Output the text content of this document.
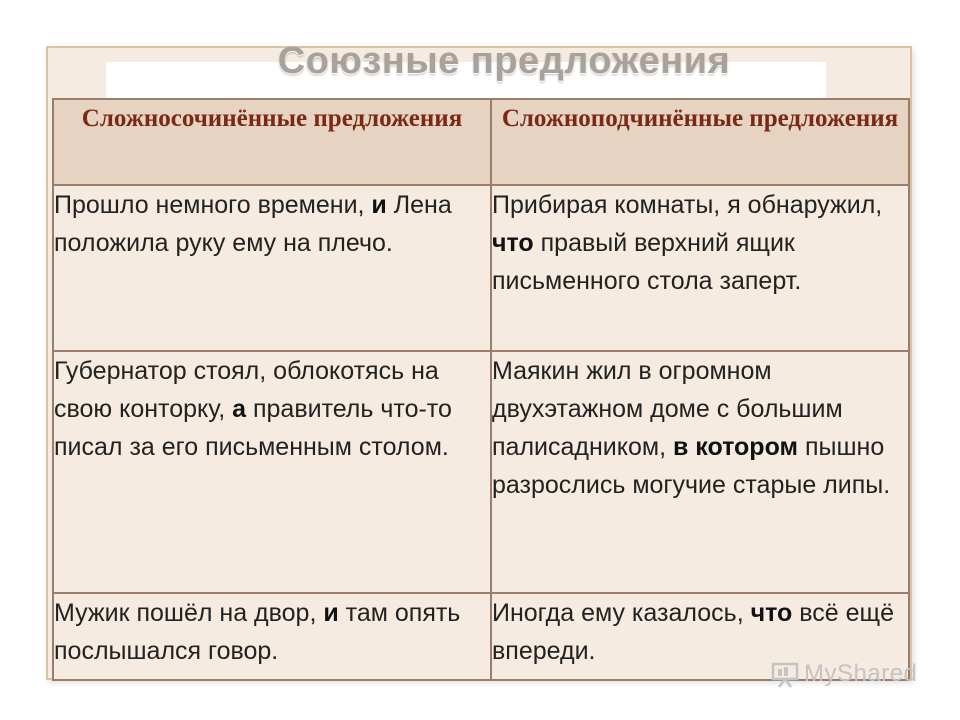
Союзные предложения
Сложносочинённые предложения	Сложноподчинённые предложения
Прошло немного времени, и Лена положила руку ему на плечо.	Прибирая комнаты, я обнаружил, что правый верхний ящик письменного стола заперт.
Губернатор стоял, облокотясь на свою конторку, а правитель что-то писал за его письменным столом.	Маякин жил в огромном двухэтажном доме с большим палисадником, в котором пышно разрослись могучие старые липы.
Мужик пошёл на двор, и там опять послышался говор.	Иногда ему казалось, что всё ещё впереди.
MyShared
